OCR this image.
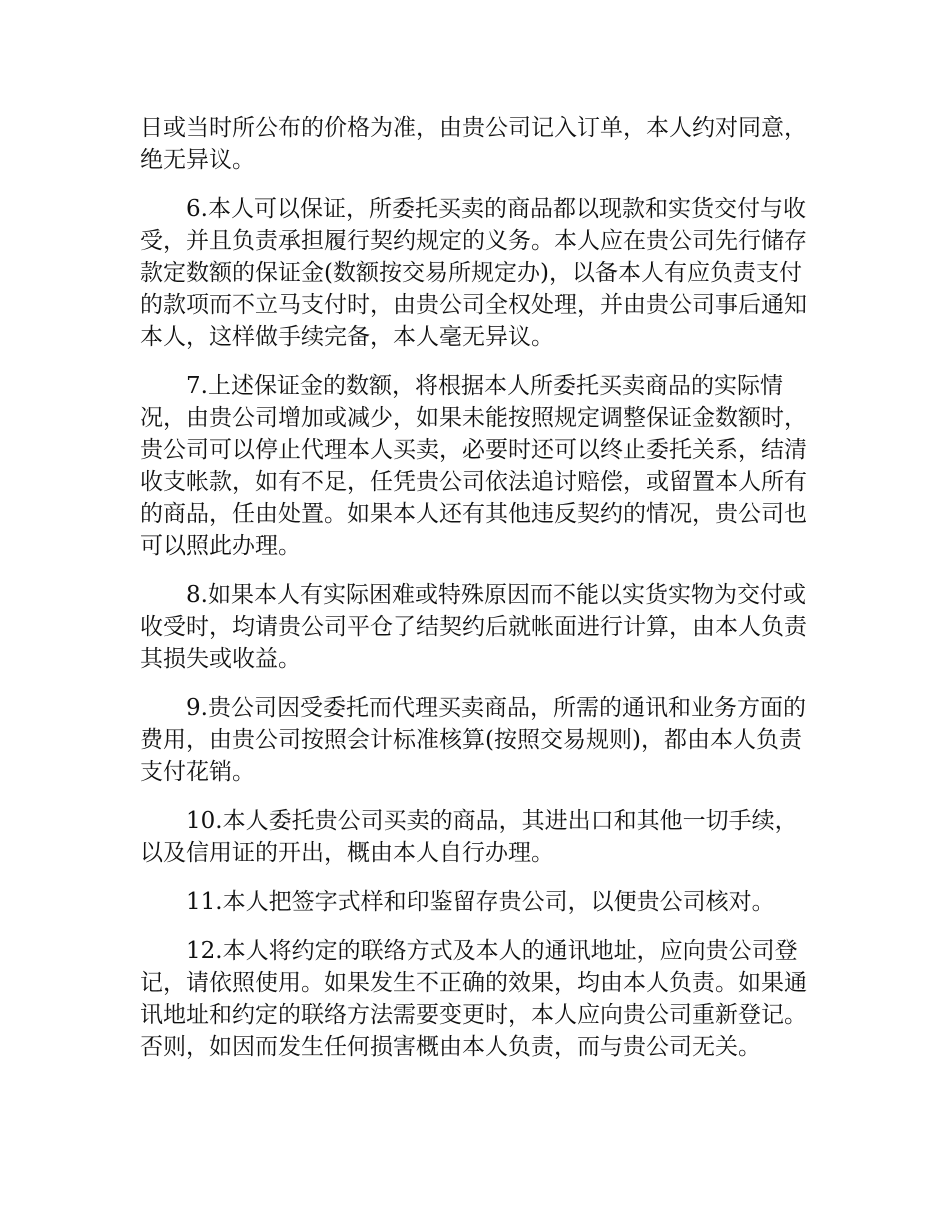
日或当时所公布的价格为准，由贵公司记入订单，本人约对同意，绝无异议。

6.本人可以保证，所委托买卖的商品都以现款和实货交付与收受，并且负责承担履行契约规定的义务。本人应在贵公司先行储存款定数额的保证金(数额按交易所规定办)，以备本人有应负责支付的款项而不立马支付时，由贵公司全权处理，并由贵公司事后通知本人，这样做手续完备，本人毫无异议。

7.上述保证金的数额，将根据本人所委托买卖商品的实际情况，由贵公司增加或减少，如果未能按照规定调整保证金数额时，贵公司可以停止代理本人买卖，必要时还可以终止委托关系，结清收支帐款，如有不足，任凭贵公司依法追讨赔偿，或留置本人所有的商品，任由处置。如果本人还有其他违反契约的情况，贵公司也可以照此办理。

8.如果本人有实际困难或特殊原因而不能以实货实物为交付或收受时，均请贵公司平仓了结契约后就帐面进行计算，由本人负责其损失或收益。

9.贵公司因受委托而代理买卖商品，所需的通讯和业务方面的费用，由贵公司按照会计标准核算(按照交易规则)，都由本人负责支付花销。

10.本人委托贵公司买卖的商品，其进出口和其他一切手续，以及信用证的开出，概由本人自行办理。

11.本人把签字式样和印鉴留存贵公司，以便贵公司核对。

12.本人将约定的联络方式及本人的通讯地址，应向贵公司登记，请依照使用。如果发生不正确的效果，均由本人负责。如果通讯地址和约定的联络方法需要变更时，本人应向贵公司重新登记。否则，如因而发生任何损害概由本人负责，而与贵公司无关。
